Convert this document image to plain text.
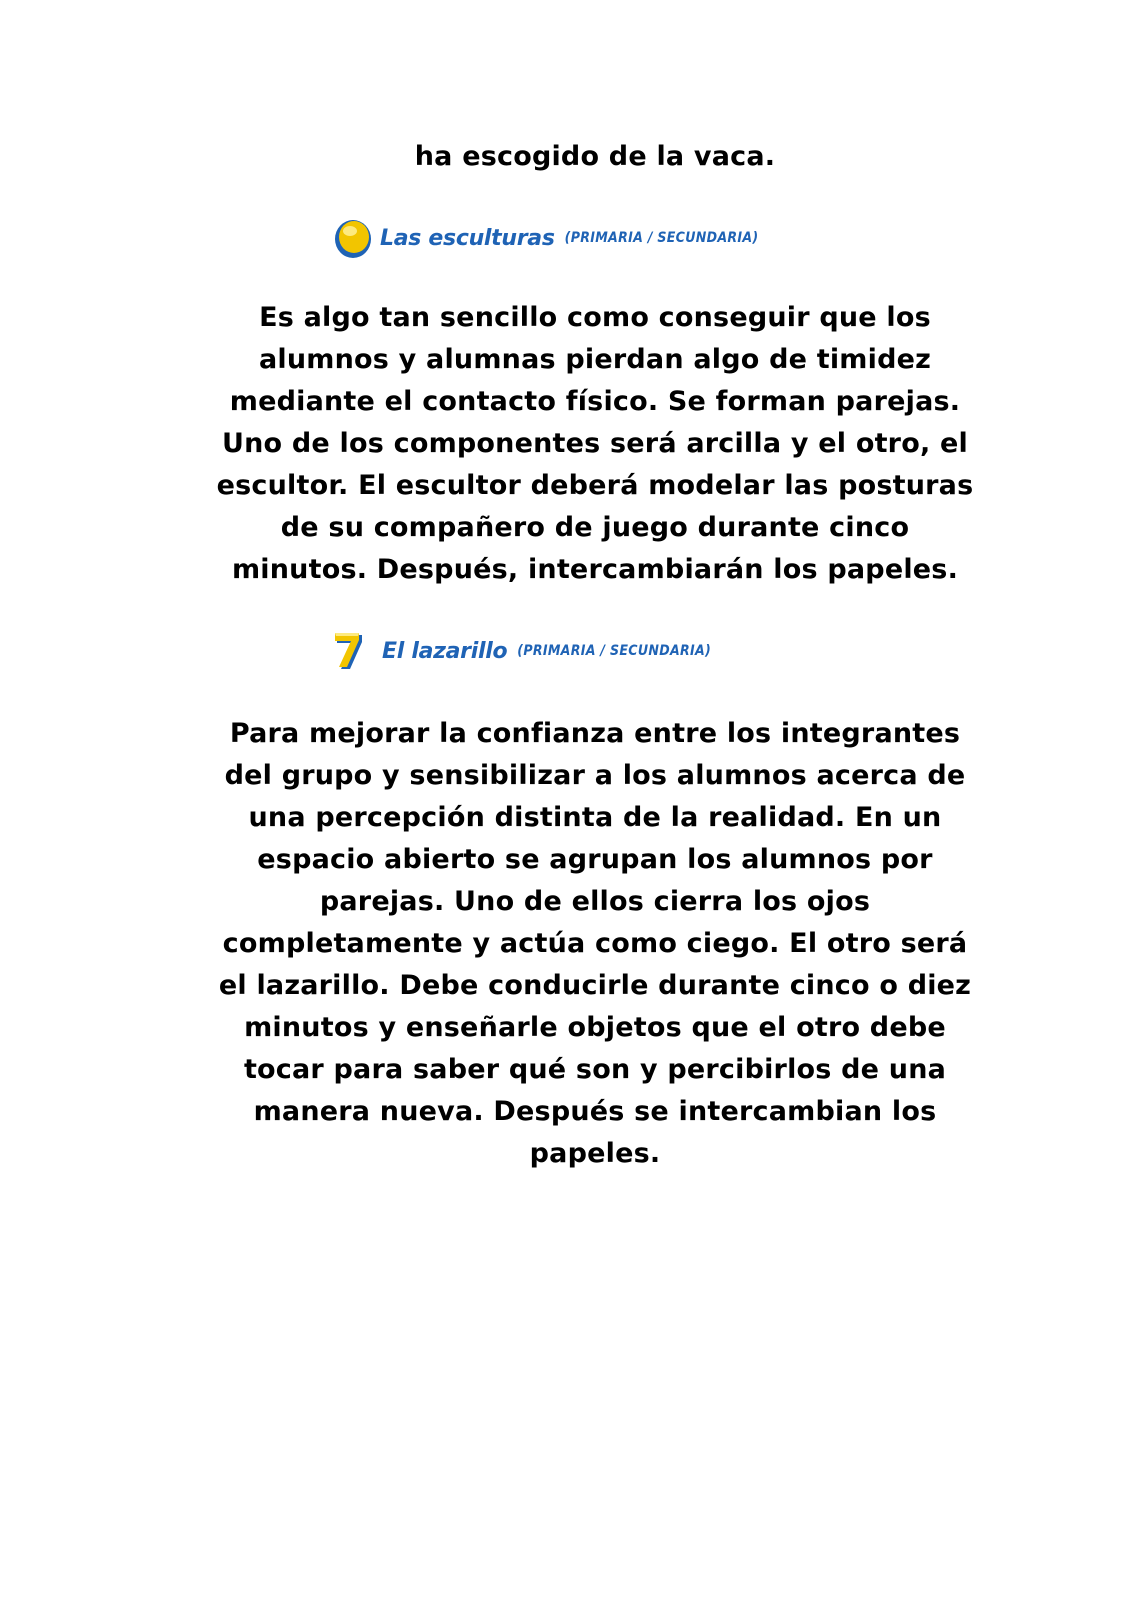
ha escogido de la vaca.

Las esculturas (PRIMARIA / SECUNDARIA)

Es algo tan sencillo como conseguir que los alumnos y alumnas pierdan algo de timidez mediante el contacto físico. Se forman parejas. Uno de los componentes será arcilla y el otro, el escultor. El escultor deberá modelar las posturas de su compañero de juego durante cinco minutos. Después, intercambiarán los papeles.

El lazarillo (PRIMARIA / SECUNDARIA)

Para mejorar la confianza entre los integrantes del grupo y sensibilizar a los alumnos acerca de una percepción distinta de la realidad. En un espacio abierto se agrupan los alumnos por parejas. Uno de ellos cierra los ojos completamente y actúa como ciego. El otro será el lazarillo. Debe conducirle durante cinco o diez minutos y enseñarle objetos que el otro debe tocar para saber qué son y percibirlos de una manera nueva. Después se intercambian los papeles.
